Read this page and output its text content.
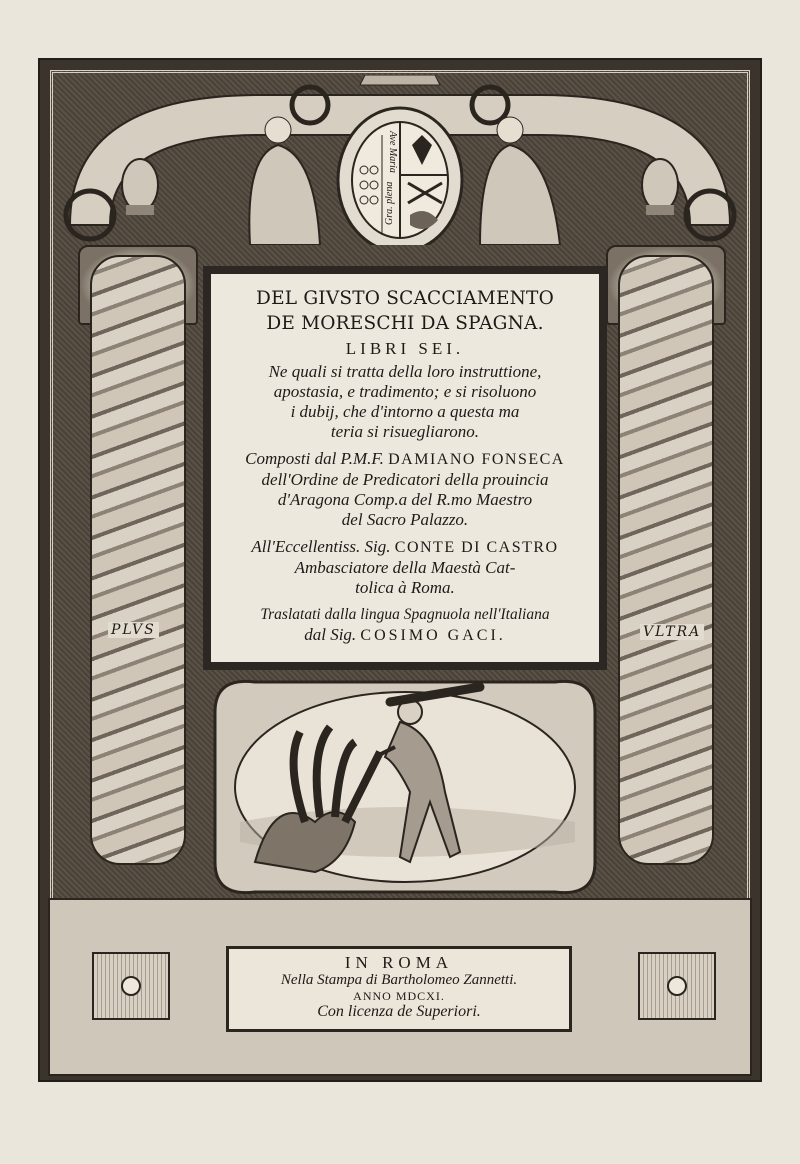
Gra. plena
Ave Maria
PLVS	VLTRA
DEL GIVSTO SCACCIAMENTO
DE MORESCHI DA SPAGNA.
LIBRI SEI.
Ne quali si tratta della loro instruttione,
apostasia, e tradimento; e si risoluono
i dubij, che d'intorno a questa ma
teria si risuegliarono.
Composti dal P.M.F. DAMIANO FONSECA
dell'Ordine de Predicatori della prouincia
d'Aragona Comp.a del R.mo Maestro
del Sacro Palazzo.
All'Eccellentiss. Sig. CONTE DI CASTRO
Ambasciatore della Maestà Cat-
tolica à Roma.
Traslatati dalla lingua Spagnuola nell'Italiana
dal Sig. COSIMO GACI.
IN ROMA
Nella Stampa di Bartholomeo Zannetti.
ANNO MDCXI.
Con licenza de Superiori.
